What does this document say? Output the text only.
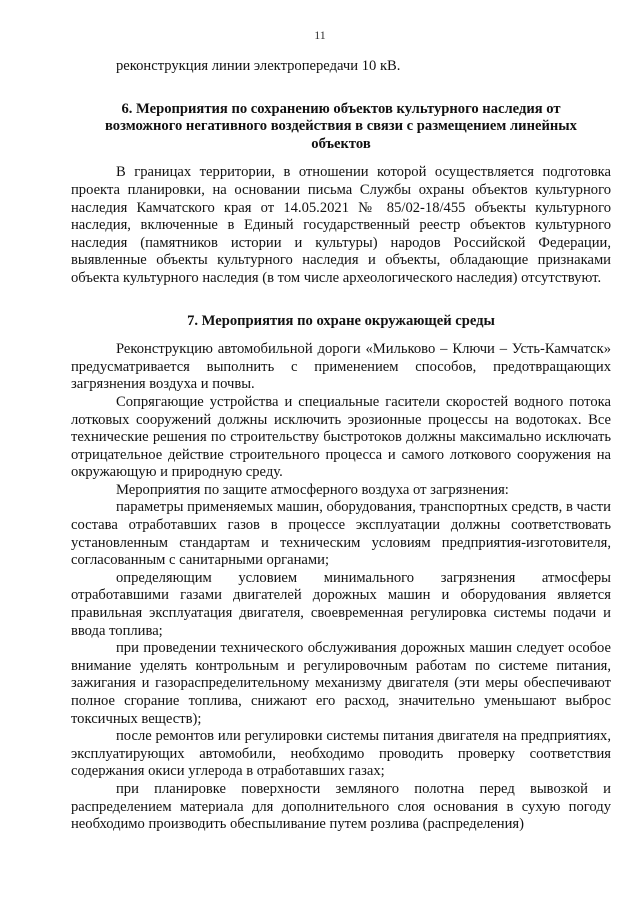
11

реконструкция линии электропередачи 10 кВ.

6. Мероприятия по сохранению объектов культурного наследия от
возможного негативного воздействия в связи с размещением линейных
объектов

В границах территории, в отношении которой осуществляется подготовка проекта планировки, на основании письма Службы охраны объектов культурного наследия Камчатского края от 14.05.2021 № 85/02-18/455 объекты культурного наследия, включенные в Единый государственный реестр объектов культурного наследия (памятников истории и культуры) народов Российской Федерации, выявленные объекты культурного наследия и объекты, обладающие признаками объекта культурного наследия (в том числе археологического наследия) отсутствуют.

7. Мероприятия по охране окружающей среды

Реконструкцию автомобильной дороги «Мильково – Ключи – Усть-Камчатск» предусматривается выполнить с применением способов, предотвращающих загрязнения воздуха и почвы.

Сопрягающие устройства и специальные гасители скоростей водного потока лотковых сооружений должны исключить эрозионные процессы на водотоках. Все технические решения по строительству быстротоков должны максимально исключать отрицательное действие строительного процесса и самого лоткового сооружения на окружающую и природную среду.

Мероприятия по защите атмосферного воздуха от загрязнения:

параметры применяемых машин, оборудования, транспортных средств, в части состава отработавших газов в процессе эксплуатации должны соответствовать установленным стандартам и техническим условиям предприятия-изготовителя, согласованным с санитарными органами;

определяющим условием минимального загрязнения атмосферы отработавшими газами двигателей дорожных машин и оборудования является правильная эксплуатация двигателя, своевременная регулировка системы подачи и ввода топлива;

при проведении технического обслуживания дорожных машин следует особое внимание уделять контрольным и регулировочным работам по системе питания, зажигания и газораспределительному механизму двигателя (эти меры обеспечивают полное сгорание топлива, снижают его расход, значительно уменьшают выброс токсичных веществ);

после ремонтов или регулировки системы питания двигателя на предприятиях, эксплуатирующих автомобили, необходимо проводить проверку соответствия содержания окиси углерода в отработавших газах;

при планировке поверхности земляного полотна перед вывозкой и распределением материала для дополнительного слоя основания в сухую погоду необходимо производить обеспыливание путем розлива (распределения)
